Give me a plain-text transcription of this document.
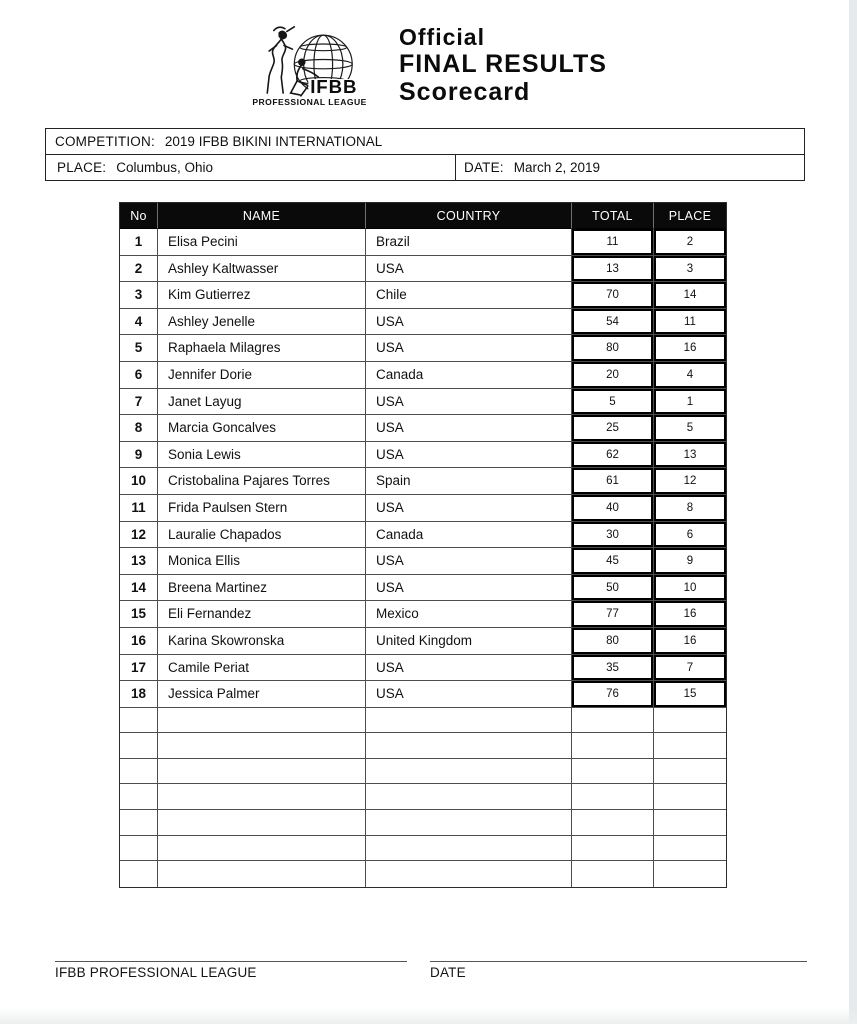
IFBB
PROFESSIONAL LEAGUE
Official
FINAL RESULTS
Scorecard
COMPETITION: 2019 IFBB BIKINI INTERNATIONAL
PLACE: Columbus, Ohio	DATE: March 2, 2019
No	NAME	COUNTRY	TOTAL	PLACE
1	Elisa Pecini	Brazil	11	2
2	Ashley Kaltwasser	USA	13	3
3	Kim Gutierrez	Chile	70	14
4	Ashley Jenelle	USA	54	11
5	Raphaela Milagres	USA	80	16
6	Jennifer Dorie	Canada	20	4
7	Janet Layug	USA	5	1
8	Marcia Goncalves	USA	25	5
9	Sonia Lewis	USA	62	13
10	Cristobalina Pajares Torres	Spain	61	12
11	Frida Paulsen Stern	USA	40	8
12	Lauralie Chapados	Canada	30	6
13	Monica Ellis	USA	45	9
14	Breena Martinez	USA	50	10
15	Eli Fernandez	Mexico	77	16
16	Karina Skowronska	United Kingdom	80	16
17	Camile Periat	USA	35	7
18	Jessica Palmer	USA	76	15
IFBB PROFESSIONAL LEAGUE	DATE
